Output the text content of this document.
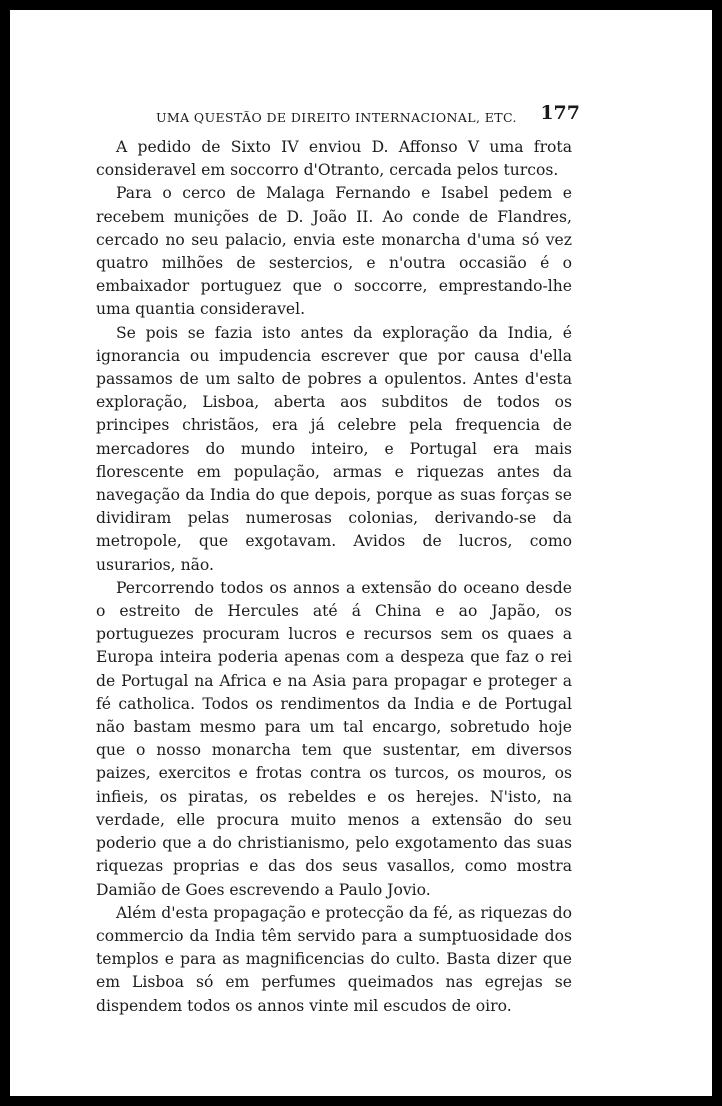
UMA QUESTÃO DE DIREITO INTERNACIONAL, ETC. 177

A pedido de Sixto IV enviou D. Affonso V uma frota consideravel em soccorro d'Otranto, cercada pelos turcos.

Para o cerco de Malaga Fernando e Isabel pedem e recebem munições de D. João II. Ao conde de Flandres, cercado no seu palacio, envia este monarcha d'uma só vez quatro milhões de sestercios, e n'outra occasião é o embaixador portuguez que o soccorre, emprestando-lhe uma quantia consideravel.

Se pois se fazia isto antes da exploração da India, é ignorancia ou impudencia escrever que por causa d'ella passamos de um salto de pobres a opulentos. Antes d'esta exploração, Lisboa, aberta aos subditos de todos os principes christãos, era já celebre pela frequencia de mercadores do mundo inteiro, e Portugal era mais florescente em população, armas e riquezas antes da navegação da India do que depois, porque as suas forças se dividiram pelas numerosas colonias, derivando-se da metropole, que exgotavam. Avidos de lucros, como usurarios, não.

Percorrendo todos os annos a extensão do oceano desde o estreito de Hercules até á China e ao Japão, os portuguezes procuram lucros e recursos sem os quaes a Europa inteira poderia apenas com a despeza que faz o rei de Portugal na Africa e na Asia para propagar e proteger a fé catholica. Todos os rendimentos da India e de Portugal não bastam mesmo para um tal encargo, sobretudo hoje que o nosso monarcha tem que sustentar, em diversos paizes, exercitos e frotas contra os turcos, os mouros, os infieis, os piratas, os rebeldes e os herejes. N'isto, na verdade, elle procura muito menos a extensão do seu poderio que a do christianismo, pelo exgotamento das suas riquezas proprias e das dos seus vasallos, como mostra Damião de Goes escrevendo a Paulo Jovio.

Além d'esta propagação e protecção da fé, as riquezas do commercio da India têm servido para a sumptuosidade dos templos e para as magnificencias do culto. Basta dizer que em Lisboa só em perfumes queimados nas egrejas se dispendem todos os annos vinte mil escudos de oiro.
